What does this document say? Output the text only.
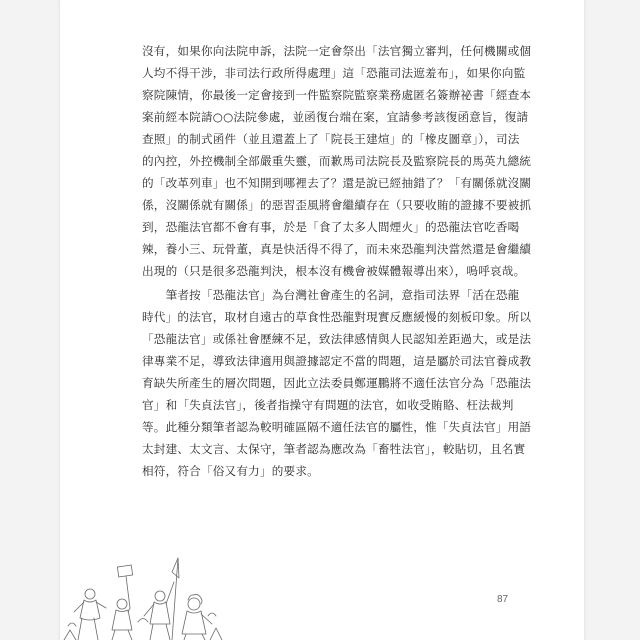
沒有，如果你向法院申訴，法院一定會祭出「法官獨立審判，任何機關或個
人均不得干涉，非司法行政所得處理」這「恐龍司法遮羞布」，如果你向監
察院陳情，你最後一定會接到一件監察院監察業務處匿名簽辦祕書「經查本
案前經本院請○○法院參處，並函復台端在案，宜請參考該復函意旨，復請
查照」的制式函件（並且還蓋上了「院長王建煊」的「橡皮圖章」），司法
的內控，外控機制全部嚴重失靈，而歉馬司法院長及監察院長的馬英九總統
的「改革列車」也不知開到哪裡去了？還是說已經抽錯了？「有關係就沒關
係，沒關係就有關係」的惡習歪風將會繼續存在（只要收賄的證據不要被抓
到，恐龍法官都不會有事，於是「食了太多人間煙火」的恐龍法官吃香喝
辣，養小三、玩骨董，真是快活得不得了，而未來恐龍判決當然還是會繼續
出現的（只是很多恐龍判決，根本沒有機會被媒體報導出來），嗚呼哀哉。
　　筆者按「恐龍法官」為台灣社會產生的名詞，意指司法界「活在恐龍
時代」的法官，取材自遠古的草食性恐龍對現實反應緩慢的刻板印象。所以
「恐龍法官」或係社會歷練不足，致法律感情與人民認知差距過大，或是法
律專業不足，導致法律適用與證據認定不當的問題，這是屬於司法官養成教
育缺失所產生的層次問題，因此立法委員鄭運鵬將不適任法官分為「恐龍法
官」和「失貞法官」，後者指操守有問題的法官，如收受賄賂、枉法裁判
等。此種分類筆者認為較明確區隔不適任法官的屬性，惟「失貞法官」用語
太封建、太文言、太保守，筆者認為應改為「畜牲法官」，較貼切，且名實
相符，符合「俗又有力」的要求。
87
